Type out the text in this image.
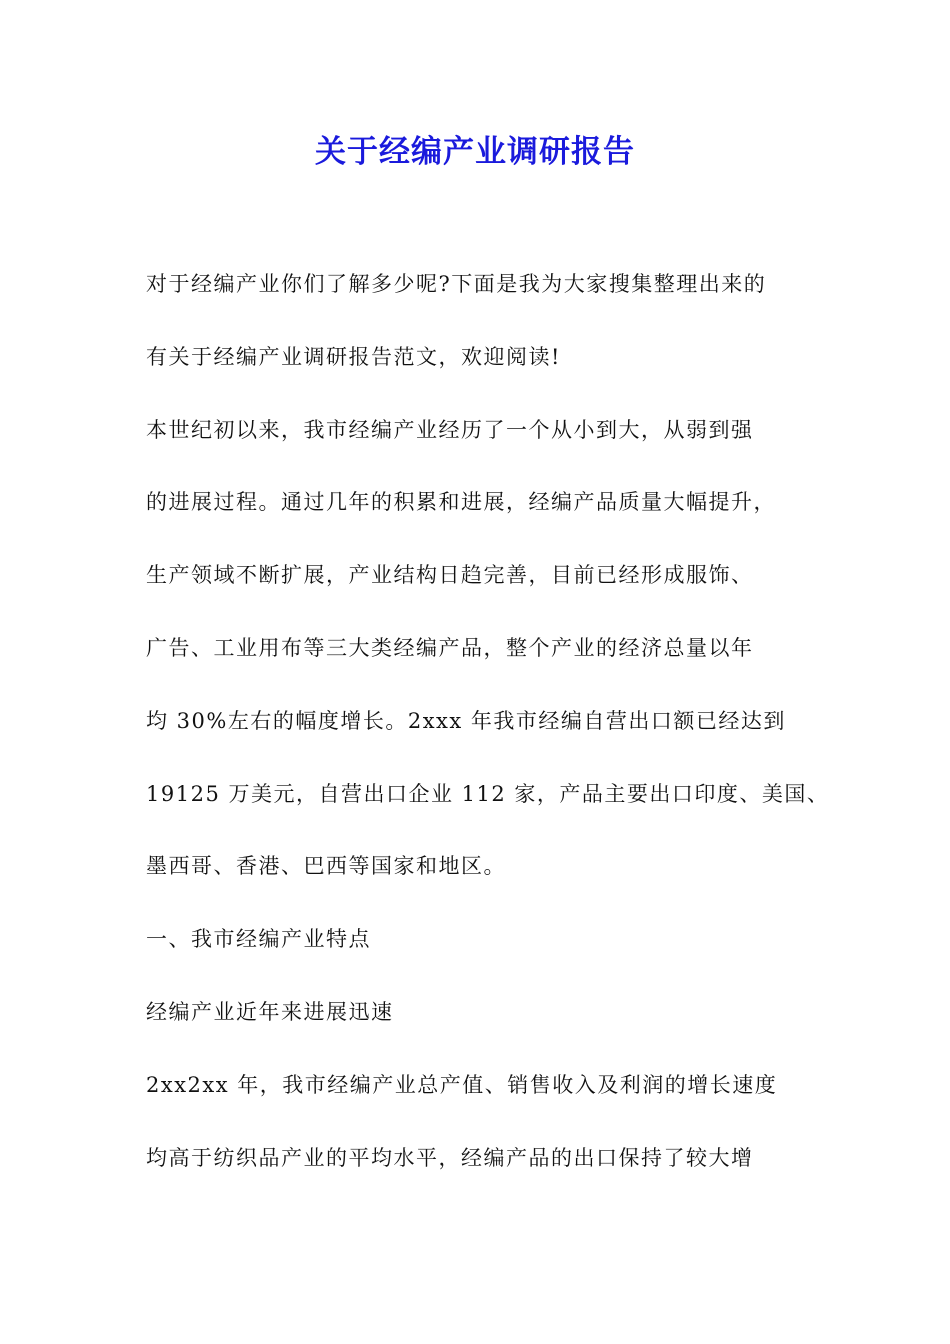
关于经编产业调研报告
对于经编产业你们了解多少呢?下面是我为大家搜集整理出来的
有关于经编产业调研报告范文，欢迎阅读!
本世纪初以来，我市经编产业经历了一个从小到大，从弱到强
的进展过程。通过几年的积累和进展，经编产品质量大幅提升，
生产领域不断扩展，产业结构日趋完善，目前已经形成服饰、
广告、工业用布等三大类经编产品，整个产业的经济总量以年
均 30%左右的幅度增长。2xxx 年我市经编自营出口额已经达到
19125 万美元，自营出口企业 112 家，产品主要出口印度、美国、
墨西哥、香港、巴西等国家和地区。
一、我市经编产业特点
经编产业近年来进展迅速
2xx2xx 年，我市经编产业总产值、销售收入及利润的增长速度
均高于纺织品产业的平均水平，经编产品的出口保持了较大增
